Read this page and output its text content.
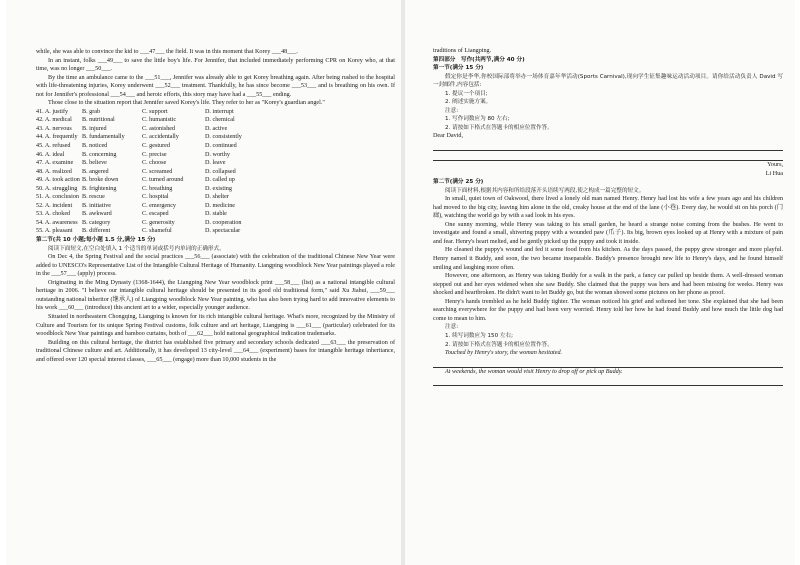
while, she was able to convince the kid to ___47___ the field. It was in this moment that Korey ___48___.

In an instant, folks ___49___ to save the little boy's life. For Jennifer, that included immediately performing CPR on Korey who, at that time, was no longer ___50___.

By the time an ambulance came to the ___51___, Jennifer was already able to get Korey breathing again. After being rushed to the hospital with life-threatening injuries, Korey underwent ___52___ treatment. Thankfully, he has since become ___53___ and is breathing on his own. If not for Jennifer's professional ___54___ and heroic efforts, this story may have had a ___55___ ending.

Those close to the situation report that Jennifer saved Korey's life. They refer to her as "Korey's guardian angel."

41. A. justify	B. grab	C. support	D. interrupt
42. A. medical	B. nutritional	C. humanistic	D. chemical
43. A. nervous	B. injured	C. astonished	D. active
44. A. frequently B. fundamentally	C. accidentally	D. consistently
45. A. refused	B. noticed	C. gestured	D. continued
46. A. ideal	B. concerning	C. precise	D. worthy
47. A. examine	B. believe	C. choose	D. leave
48. A. realized	B. angered	C. screamed	D. collapsed
49. A. took action B. broke down	C. turned around	D. called up
50. A. struggling B. frightening	C. breathing	D. existing
51. A. conclusion B. rescue	C. hospital	D. shelter
52. A. incident	B. initiative	C. emergency	D. medicine
53. A. choked	B. awkward	C. escaped	D. stable
54. A. awareness B. category	C. generosity	D. cooperation
55. A. pleasant	B. different	C. shameful	D. spectacular

第二节(共 10 小题;每小题 1.5 分,满分 15 分)

阅读下面短文,在空白处填入 1 个适当的单词或括号内单词的正确形式。

On Dec 4, the Spring Festival and the social practices ___56___ (associate) with the celebration of the traditional Chinese New Year were added to UNESCO's Representative List of the Intangible Cultural Heritage of Humanity. Liangping woodblock New Year paintings played a role in the ___57___ (apply) process.

Originating in the Ming Dynasty (1368-1644), the Liangping New Year woodblock print ___58___ (list) as a national intangible cultural heritage in 2006. "I believe our intangible cultural heritage should be presented in its good old traditional form," said Xu Jiahui, ___59___ outstanding national inheritor (继承人) of Liangping woodblock New Year painting, who has also been trying hard to add innovative elements to his work ___60___ (introduce) this ancient art to a wider, especially younger audience.

Situated in northeastern Chongqing, Liangping is known for its rich intangible cultural heritage. What's more, recognized by the Ministry of Culture and Tourism for its unique Spring Festival customs, folk culture and art heritage, Liangping is ___61___ (particular) celebrated for its woodblock New Year paintings and bamboo curtains, both of ___62___ hold national geographical indication trademarks.

Building on this cultural heritage, the district has established five primary and secondary schools dedicated ___63___ the preservation of traditional Chinese culture and art. Additionally, it has developed 13 city-level ___64___ (experiment) bases for intangible heritage inheritance, and offered over 120 special interest classes, ___65___ (engage) more than 10,000 students in the

traditions of Liangping.

第四部分　写作(共两节,满分 40 分)

第一节(满分 15 分)

假定你是李华,你校国际部将举办一场体育嘉年华活动(Sports Carnival),现向学生征集趣味运动活动项目。请你给活动负责人 David 写一封邮件,内容包括:

1. 提议一个项目;

2. 阐述实施方案。

注意:

1. 写作词数应为 80 左右;

2. 请按如下格式在答题卡的相应位置作答。

Dear David,

Yours,

Li Hua

第二节(满分 25 分)

阅读下面材料,根据其内容和所给段落开头语续写两段,使之构成一篇完整的短文。

In small, quiet town of Oakwood, there lived a lonely old man named Henry. Henry had lost his wife a few years ago and his children had moved to the big city, leaving him alone in the old, creaky house at the end of the lane (小巷). Every day, he would sit on his porch (门廊), watching the world go by with a sad look in his eyes.

One sunny morning, while Henry was taking to his small garden, he heard a strange noise coming from the bushes. He went to investigate and found a small, shivering puppy with a wounded paw (爪子). Its big, brown eyes looked up at Henry with a mixture of pain and fear. Henry's heart melted, and he gently picked up the puppy and took it inside.

He cleaned the puppy's wound and fed it some food from his kitchen. As the days passed, the puppy grew stronger and more playful. Henry named it Buddy, and soon, the two became inseparable. Buddy's presence brought new life to Henry's days, and he found himself smiling and laughing more often.

However, one afternoon, as Henry was taking Buddy for a walk in the park, a fancy car pulled up beside them. A well-dressed woman stepped out and her eyes widened when she saw Buddy. She claimed that the puppy was hers and had been missing for weeks. Henry was shocked and heartbroken. He didn't want to let Buddy go, but the woman showed some pictures on her phone as proof.

Henry's hands trembled as he held Buddy tighter. The woman noticed his grief and softened her tone. She explained that she had been searching everywhere for the puppy and had been very worried. Henry told her how he had found Buddy and how much the little dog had come to mean to him.

注意:

1. 续写词数应为 150 左右;

2. 请按如下格式在答题卡的相应位置作答。

Touched by Henry's story, the woman hesitated.

At weekends, the woman would visit Henry to drop off or pick up Buddy.
